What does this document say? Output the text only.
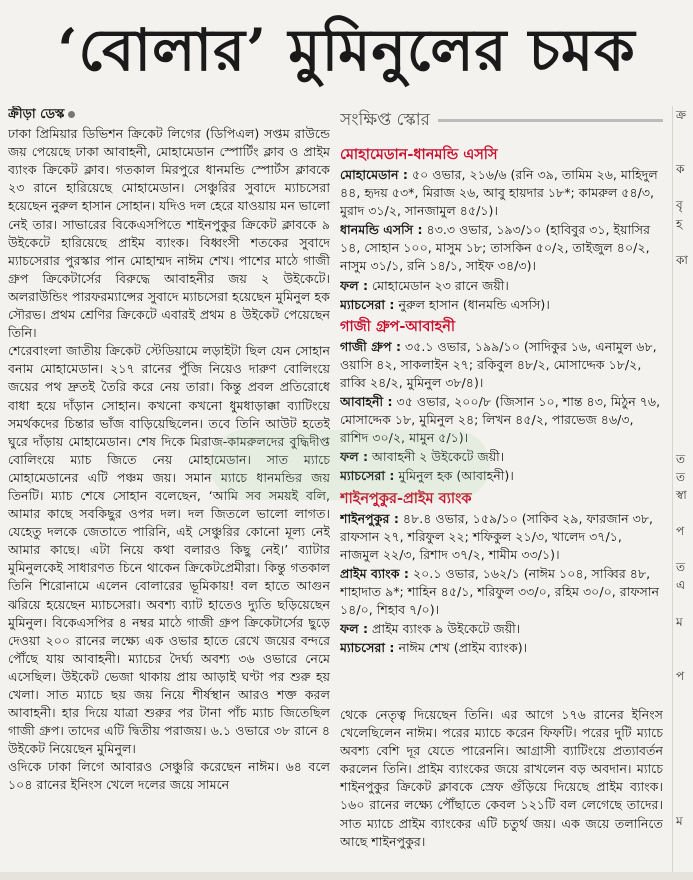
‘বোলার’ মুমিনুলের চমক
ক্রীড়া ডেস্ক

ঢাকা প্রিমিয়ার ডিভিশন ক্রিকেট লিগের (ডিপিএল) সপ্তম রাউন্ডে জয় পেয়েছে ঢাকা আবাহনী, মোহামেডান স্পোর্টিং ক্লাব ও প্রাইম ব্যাংক ক্রিকেট ক্লাব। গতকাল মিরপুরে ধানমন্ডি স্পোর্টস ক্লাবকে ২৩ রানে হারিয়েছে মোহামেডান। সেঞ্চুরির সুবাদে ম্যাচসেরা হয়েছেন নুরুল হাসান সোহান। যদিও দল হেরে যাওয়ায় মন ভালো নেই তার। সাভারের বিকেএসপিতে শাইনপুকুর ক্রিকেট ক্লাবকে ৯ উইকেটে হারিয়েছে প্রাইম ব্যাংক। বিধ্বংসী শতকের সুবাদে ম্যাচসেরার পুরস্কার পান মোহাম্মদ নাঈম শেখ। পাশের মাঠে গাজী গ্রুপ ক্রিকেটার্সের বিরুদ্ধে আবাহনীর জয় ২ উইকেটে। অলরাউন্ডিং পারফরম্যান্সের সুবাদে ম্যাচসেরা হয়েছেন মুমিনুল হক সৌরভ। প্রথম শ্রেণির ক্রিকেটে এবারই প্রথম ৪ উইকেট পেয়েছেন তিনি।

শেরেবাংলা জাতীয় ক্রিকেট স্টেডিয়ামে লড়াইটা ছিল যেন সোহান বনাম মোহামেডান। ২১৭ রানের পুঁজি নিয়েও দারুণ বোলিংয়ে জয়ের পথ দ্রুতই তৈরি করে নেয় তারা। কিন্তু প্রবল প্রতিরোধে বাধা হয়ে দাঁড়ান সোহান। কখনো কখনো ধুমধাড়াক্কা ব্যাটিংয়ে সমর্থকদের চিন্তার ভাঁজ বাড়িয়েছিলেন। তবে তিনি আউট হতেই ঘুরে দাঁড়ায় মোহামেডান। শেষ দিকে মিরাজ-কামরুলদের বুদ্ধিদীপ্ত বোলিংয়ে ম্যাচ জিতে নেয় মোহামেডান। সাত ম্যাচে মোহামেডানের এটি পঞ্চম জয়। সমান ম্যাচে ধানমন্ডির জয় তিনটি। ম্যাচ শেষে সোহান বলেছেন, ‘আমি সব সময়ই বলি, আমার কাছে সবকিছুর ওপর দল। দল জিতলে ভালো লাগত। যেহেতু দলকে জেতাতে পারিনি, এই সেঞ্চুরির কোনো মূল্য নেই আমার কাছে। এটা নিয়ে কথা বলারও কিছু নেই।’ ব্যাটার মুমিনুলকেই সাধারণত চিনে থাকেন ক্রিকেটপ্রেমীরা। কিন্তু গতকাল তিনি শিরোনামে এলেন বোলারের ভূমিকায়! বল হাতে আগুন ঝরিয়ে হয়েছেন ম্যাচসেরা। অবশ্য ব্যাট হাতেও দ্যুতি ছড়িয়েছেন মুমিনুল। বিকেএসপির ৪ নম্বর মাঠে গাজী গ্রুপ ক্রিকেটার্সের ছুড়ে দেওয়া ২০০ রানের লক্ষ্যে এক ওভার হাতে রেখে জয়ের বন্দরে পৌঁছে যায় আবাহনী। ম্যাচের দৈর্ঘ্য অবশ্য ৩৬ ওভারে নেমে এসেছিল। উইকেট ভেজা থাকায় প্রায় আড়াই ঘণ্টা পর শুরু হয় খেলা। সাত ম্যাচে ছয় জয় নিয়ে শীর্ষস্থান আরও শক্ত করল আবাহনী। হার দিয়ে যাত্রা শুরুর পর টানা পাঁচ ম্যাচ জিতেছিল গাজী গ্রুপ। তাদের এটি দ্বিতীয় পরাজয়। ৬.১ ওভারে ৩৮ রানে ৪ উইকেট নিয়েছেন মুমিনুল।

ওদিকে ঢাকা লিগে আবারও সেঞ্চুরি করেছেন নাঈম। ৬৪ বলে ১০৪ রানের ইনিংস খেলে দলের জয়ে সামনে

সংক্ষিপ্ত স্কোর
মোহামেডান-ধানমন্ডি এসসি
মোহামেডান : ৫০ ওভার, ২১৬/৬ (রনি ৩৯, তামিম ২৬, মাহিদুল ৪৪, হৃদয় ৫৩*, মিরাজ ২৬, আবু হায়দার ১৮*; কামরুল ৫৪/৩, মুরাদ ৩১/২, সানজামুল ৪৫/১)।
ধানমন্ডি এসসি : ৪৩.৩ ওভার, ১৯৩/১০ (হাবিবুর ৩১, ইয়াসির ১৪, সোহান ১০০, মাসুম ১৮; তাসকিন ৫০/২, তাইজুল ৪০/২, নাসুম ৩১/১, রনি ১৪/১, সাইফ ৩৪/৩)।
ফল : মোহামেডান ২৩ রানে জয়ী।
ম্যাচসেরা : নুরুল হাসান (ধানমন্ডি এসসি)।
গাজী গ্রুপ-আবাহনী
গাজী গ্রুপ : ৩৫.১ ওভার, ১৯৯/১০ (সাদিকুর ১৬, এনামুল ৬৮, ওয়াসি ৪২, সাকলাইন ২৭; রকিবুল ৪৮/২, মোসাদ্দেক ১৮/২, রাব্বি ২৪/২, মুমিনুল ৩৮/৪)।
আবাহনী : ৩৫ ওভার, ২০০/৮ (জিসান ১০, শান্ত ৪৩, মিঠুন ৭৬, মোসাদ্দেক ১৮, মুমিনুল ২৪; লিখন ৪৫/২, পারভেজ ৪৬/৩, রাশিদ ৩০/২, মামুন ৫/১)।
ফল : আবাহনী ২ উইকেটে জয়ী।
ম্যাচসেরা : মুমিনুল হক (আবাহনী)।
শাইনপুকুর-প্রাইম ব্যাংক
শাইনপুকুর : ৪৮.৪ ওভার, ১৫৯/১০ (সাকিব ২৯, ফারজান ৩৮, রাফসান ২৭, শরিফুল ২২; শফিকুল ২১/৩, খালেদ ৩৭/১, নাজমুল ২২/৩, রিশাদ ৩৭/২, শামীম ৩৩/১)।
প্রাইম ব্যাংক : ২০.১ ওভার, ১৬২/১ (নাঈম ১০৪, সাব্বির ৪৮, শাহাদাত ৯*; শাহিন ৪৫/১, শরিফুল ৩৩/০, রহিম ৩০/০, রাফসান ১৪/০, শিহাব ৭/০)।
ফল : প্রাইম ব্যাংক ৯ উইকেটে জয়ী।
ম্যাচসেরা : নাঈম শেখ (প্রাইম ব্যাংক)।

থেকে নেতৃত্ব দিয়েছেন তিনি। এর আগে ১৭৬ রানের ইনিংস খেলেছিলেন নাঈম। পরের ম্যাচে করেন ফিফটি। পরের দুটি ম্যাচে অবশ্য বেশি দূর যেতে পারেননি। আগ্রাসী ব্যাটিংয়ে প্রত্যাবর্তন করলেন তিনি। প্রাইম ব্যাংকের জয়ে রাখলেন বড় অবদান। ম্যাচে শাইনপুকুর ক্রিকেট ক্লাবকে স্রেফ গুঁড়িয়ে দিয়েছে প্রাইম ব্যাংক। ১৬০ রানের লক্ষ্যে পৌঁছাতে কেবল ১২১টি বল লেগেছে তাদের। সাত ম্যাচে প্রাইম ব্যাংকের এটি চতুর্থ জয়। এক জয়ে তলানিতে আছে শাইনপুকুর।

ক্র

ক

বৃ
হ

কা

ত
ত
স্বা

প

ত
এ

ম

প

ম
